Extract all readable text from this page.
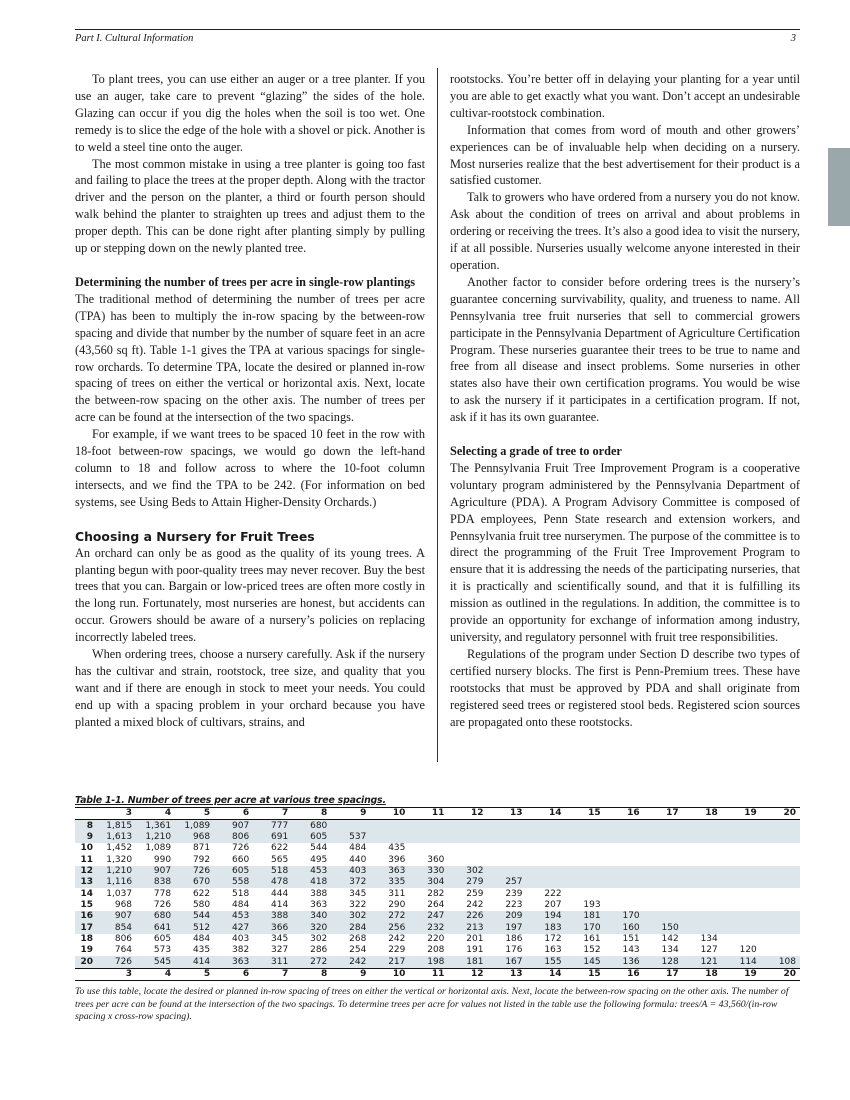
Part I. Cultural Information	3

To plant trees, you can use either an auger or a tree planter. If you use an auger, take care to prevent “glazing” the sides of the hole. Glazing can occur if you dig the holes when the soil is too wet. One remedy is to slice the edge of the hole with a shovel or pick. Another is to weld a steel tine onto the auger.

The most common mistake in using a tree planter is going too fast and failing to place the trees at the proper depth. Along with the tractor driver and the person on the planter, a third or fourth person should walk behind the planter to straighten up trees and adjust them to the proper depth. This can be done right after planting simply by pulling up or stepping down on the newly planted tree.

Determining the number of trees per acre in single-row plantings

The traditional method of determining the number of trees per acre (TPA) has been to multiply the in-row spacing by the between-row spacing and divide that number by the number of square feet in an acre (43,560 sq ft). Table 1-1 gives the TPA at various spacings for single-row orchards. To determine TPA, locate the desired or planned in-row spacing of trees on either the vertical or horizontal axis. Next, locate the between-row spacing on the other axis. The number of trees per acre can be found at the intersection of the two spacings.

For example, if we want trees to be spaced 10 feet in the row with 18-foot between-row spacings, we would go down the left-hand column to 18 and follow across to where the 10-foot column intersects, and we find the TPA to be 242. (For information on bed systems, see Using Beds to Attain Higher-Density Orchards.)

Choosing a Nursery for Fruit Trees

An orchard can only be as good as the quality of its young trees. A planting begun with poor-quality trees may never recover. Buy the best trees that you can. Bargain or low-priced trees are often more costly in the long run. Fortunately, most nurseries are honest, but accidents can occur. Growers should be aware of a nursery’s policies on replacing incorrectly labeled trees.

When ordering trees, choose a nursery carefully. Ask if the nursery has the cultivar and strain, rootstock, tree size, and quality that you want and if there are enough in stock to meet your needs. You could end up with a spacing problem in your orchard because you have planted a mixed block of cultivars, strains, and

rootstocks. You’re better off in delaying your planting for a year until you are able to get exactly what you want. Don’t accept an undesirable cultivar-rootstock combination.

Information that comes from word of mouth and other growers’ experiences can be of invaluable help when deciding on a nursery. Most nurseries realize that the best advertisement for their product is a satisfied customer.

Talk to growers who have ordered from a nursery you do not know. Ask about the condition of trees on arrival and about problems in ordering or receiving the trees. It’s also a good idea to visit the nursery, if at all possible. Nurseries usually welcome anyone interested in their operation.

Another factor to consider before ordering trees is the nursery’s guarantee concerning survivability, quality, and trueness to name. All Pennsylvania tree fruit nurseries that sell to commercial growers participate in the Pennsylvania Department of Agriculture Certification Program. These nurseries guarantee their trees to be true to name and free from all disease and insect problems. Some nurseries in other states also have their own certification programs. You would be wise to ask the nursery if it participates in a certification program. If not, ask if it has its own guarantee.

Selecting a grade of tree to order

The Pennsylvania Fruit Tree Improvement Program is a cooperative voluntary program administered by the Pennsylvania Department of Agriculture (PDA). A Program Advisory Committee is composed of PDA employees, Penn State research and extension workers, and Pennsylvania fruit tree nurserymen. The purpose of the committee is to direct the programming of the Fruit Tree Improvement Program to ensure that it is addressing the needs of the participating nurseries, that it is practically and scientifically sound, and that it is fulfilling its mission as outlined in the regulations. In addition, the committee is to provide an opportunity for exchange of information among industry, university, and regulatory personnel with fruit tree responsibilities.

Regulations of the program under Section D describe two types of certified nursery blocks. The first is Penn-Premium trees. These have rootstocks that must be approved by PDA and shall originate from registered seed trees or registered stool beds. Registered scion sources are propagated onto these rootstocks.

Table 1-1. Number of trees per acre at various tree spacings.
	3	4	5	6	7	8	9	10	11	12	13	14	15	16	17	18	19	20
8	1,815	1,361	1,089	907	777	680												
9	1,613	1,210	968	806	691	605	537											
10	1,452	1,089	871	726	622	544	484	435										
11	1,320	990	792	660	565	495	440	396	360									
12	1,210	907	726	605	518	453	403	363	330	302								
13	1,116	838	670	558	478	418	372	335	304	279	257							
14	1,037	778	622	518	444	388	345	311	282	259	239	222						
15	968	726	580	484	414	363	322	290	264	242	223	207	193					
16	907	680	544	453	388	340	302	272	247	226	209	194	181	170				
17	854	641	512	427	366	320	284	256	232	213	197	183	170	160	150			
18	806	605	484	403	345	302	268	242	220	201	186	172	161	151	142	134		
19	764	573	435	382	327	286	254	229	208	191	176	163	152	143	134	127	120	
20	726	545	414	363	311	272	242	217	198	181	167	155	145	136	128	121	114	108
	3	4	5	6	7	8	9	10	11	12	13	14	15	16	17	18	19	20
To use this table, locate the desired or planned in-row spacing of trees on either the vertical or horizontal axis. Next, locate the between-row spacing on the other axis. The number of trees per acre can be found at the intersection of the two spacings. To determine trees per acre for values not listed in the table use the following formula: trees/A = 43,560/(in-row spacing x cross-row spacing).
